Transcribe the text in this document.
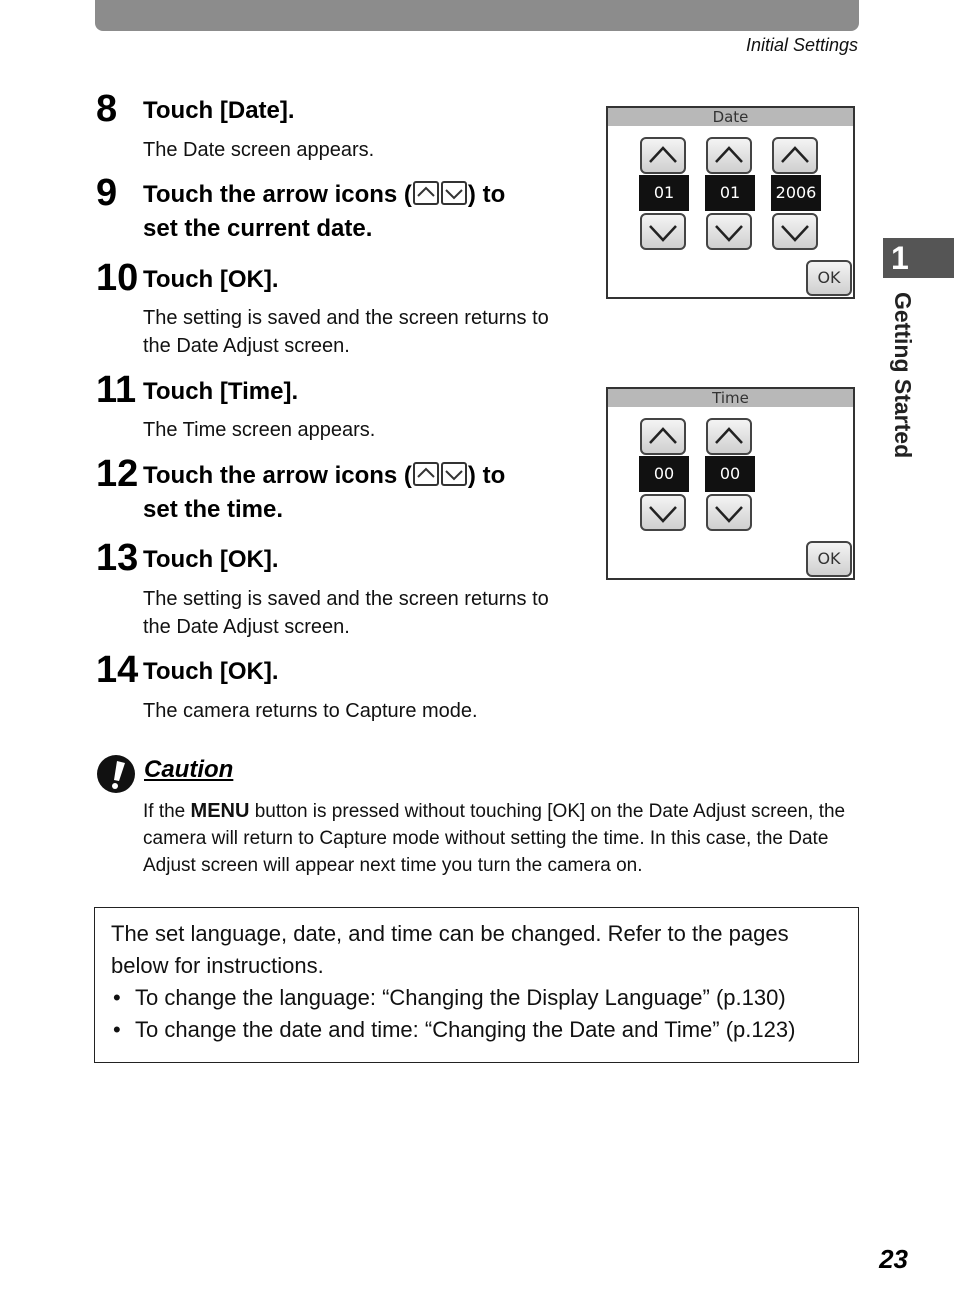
Initial Settings
8 Touch [Date].
The Date screen appears.
9 Touch the arrow icons ( ) to
set the current date.
10 Touch [OK].
The setting is saved and the screen returns to
the Date Adjust screen.
11 Touch [Time].
The Time screen appears.
12 Touch the arrow icons ( ) to
set the time.
13 Touch [OK].
The setting is saved and the screen returns to
the Date Adjust screen.
14 Touch [OK].
The camera returns to Capture mode.
Date
01	01	2006
OK
Time
00	00
OK
1
Getting Started
Caution
If the MENU button is pressed without touching [OK] on the Date Adjust screen, the camera will return to Capture mode without setting the time. In this case, the Date Adjust screen will appear next time you turn the camera on.
The set language, date, and time can be changed. Refer to the pages below for instructions.
• To change the language: “Changing the Display Language” (p.130)
• To change the date and time: “Changing the Date and Time” (p.123)
23
